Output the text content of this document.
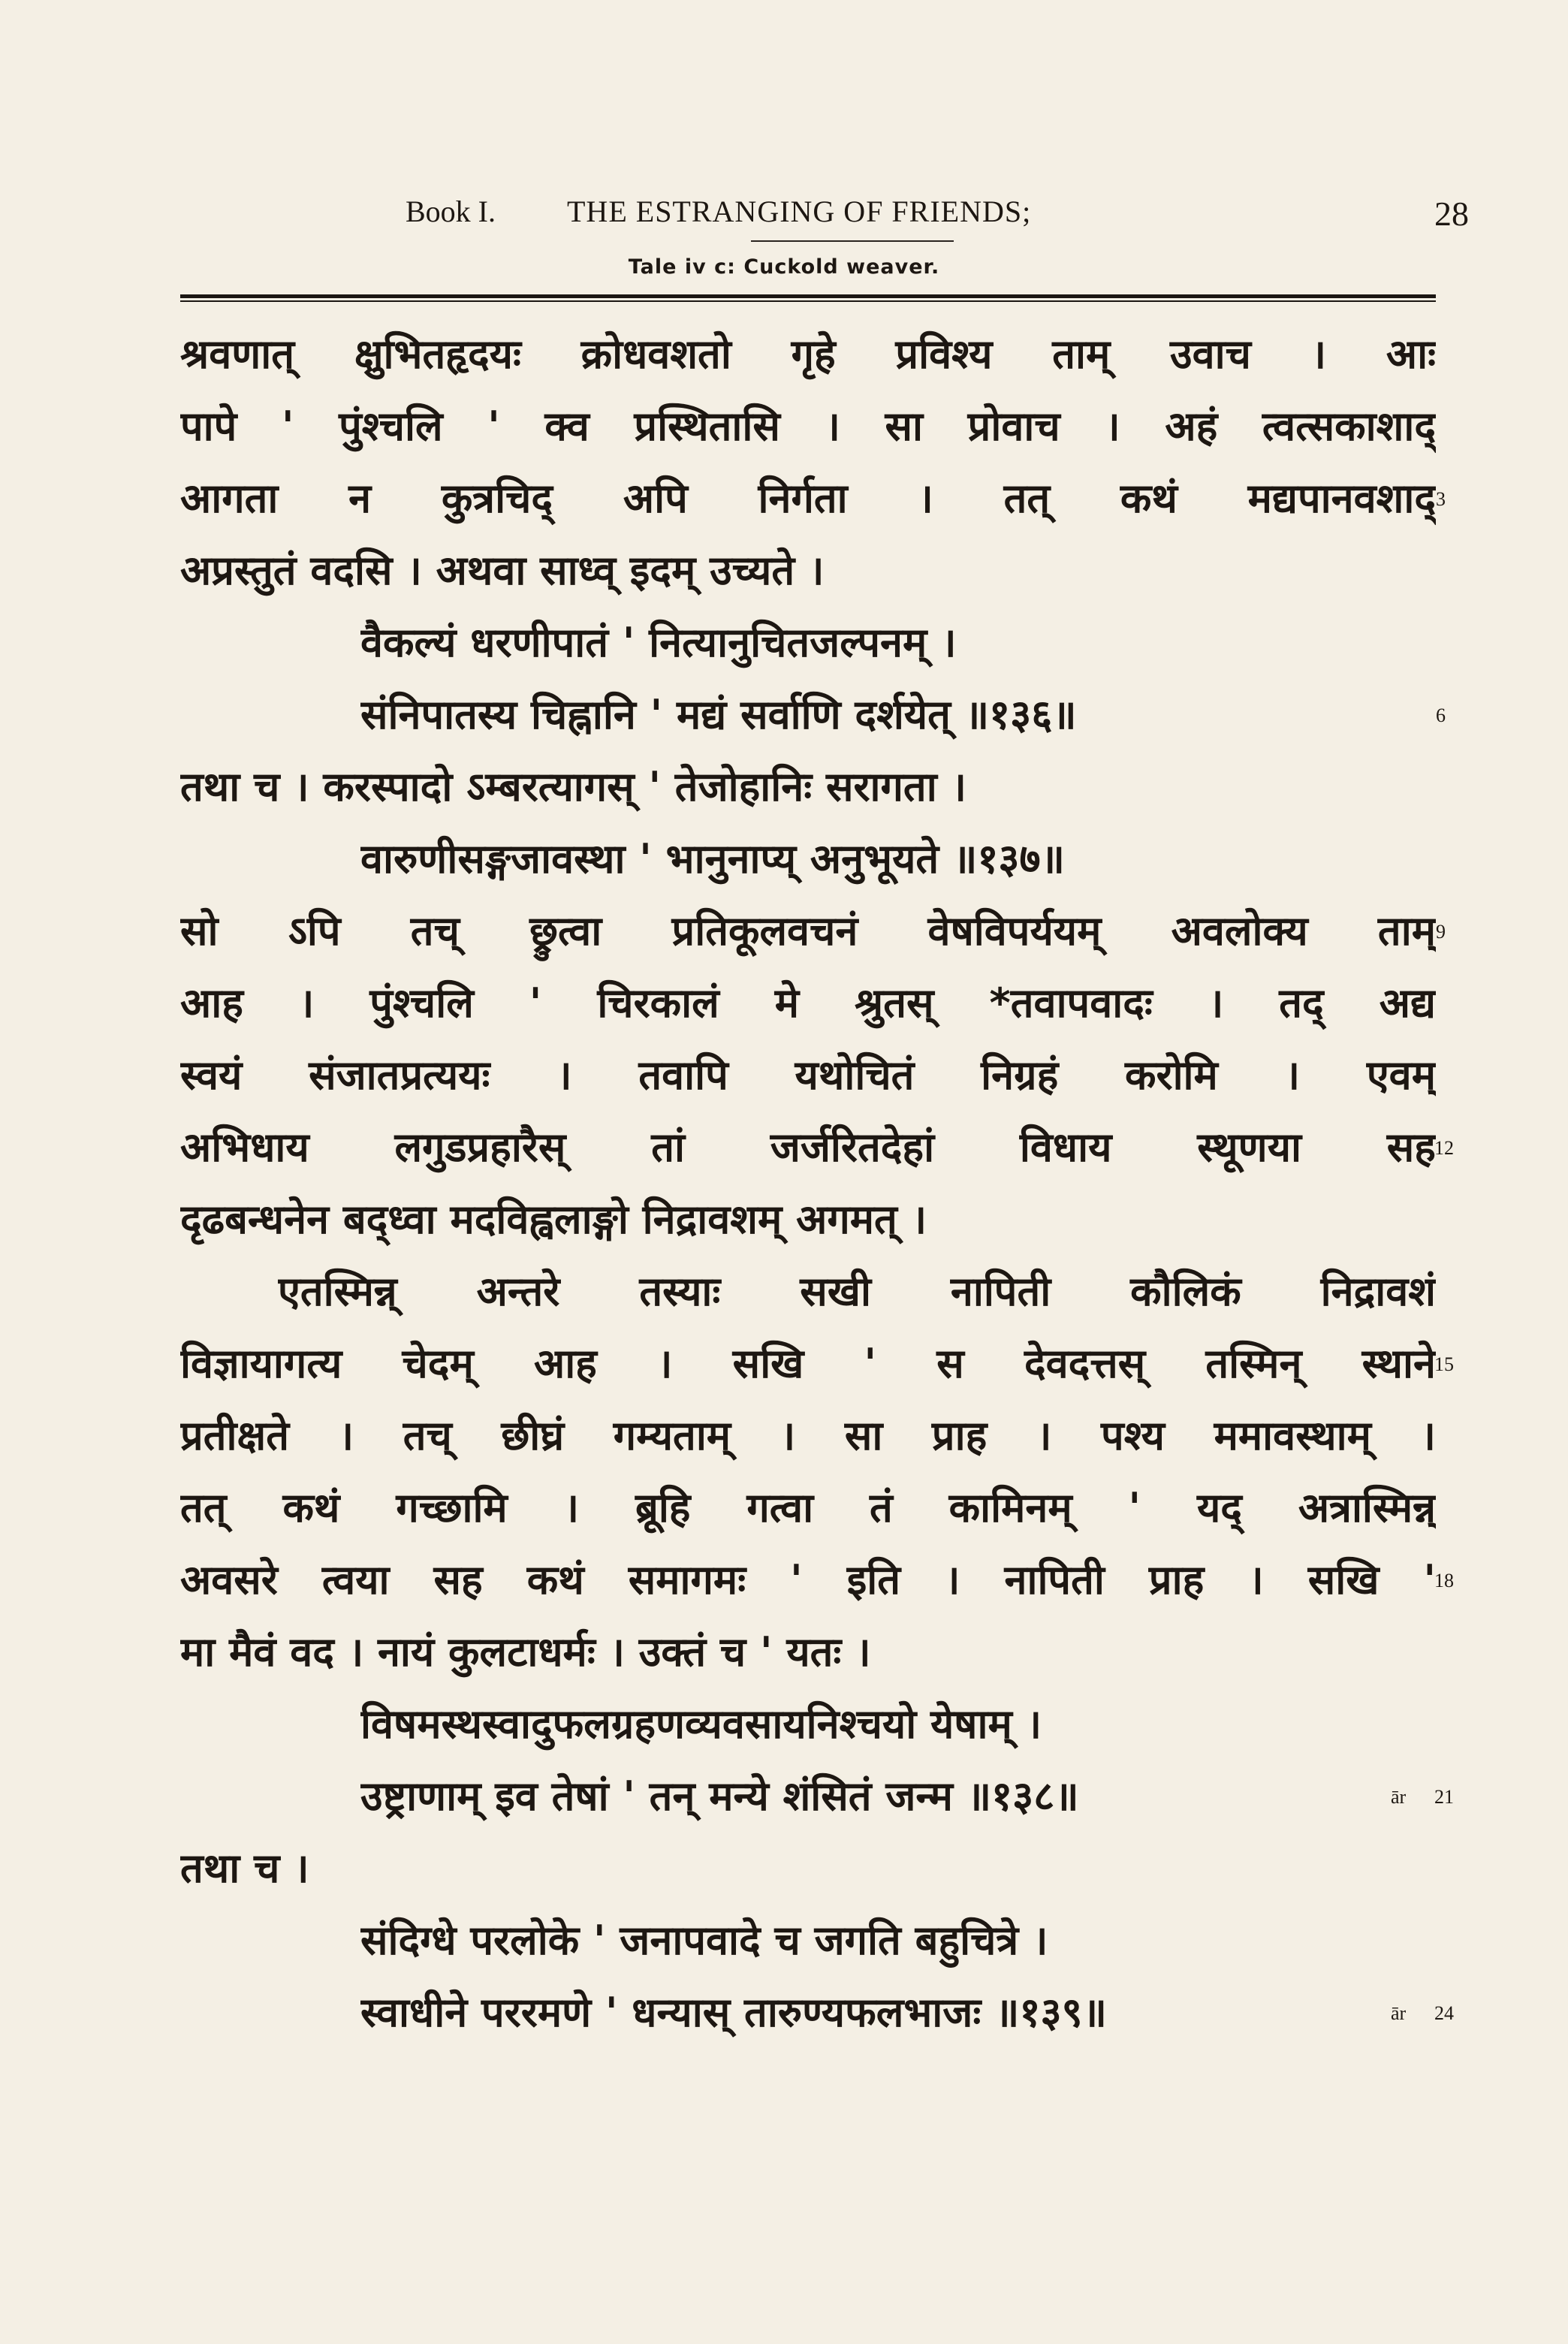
Book I. THE ESTRANGING OF FRIENDS;	28
Tale iv c: Cuckold weaver.
श्रवणात् क्षुभितहृदयः क्रोधवशतो गृहे प्रविश्य ताम् उवाच । आः
पापे ' पुंश्चलि ' क्व प्रस्थितासि । सा प्रोवाच । अहं त्वत्सकाशाद्
आगता न कुत्रचिद् अपि निर्गता । तत् कथं मद्यपानवशाद् 3
अप्रस्तुतं वदसि । अथवा साध्व् इदम् उच्यते ।
वैकल्यं धरणीपातं ' नित्यानुचितजल्पनम् ।
संनिपातस्य चिह्नानि ' मद्यं सर्वाणि दर्शयेत् ॥१३६॥	6
तथा च । करस्पादो ऽम्बरत्यागस् ' तेजोहानिः सरागता ।
वारुणीसङ्गजावस्था ' भानुनाप्य् अनुभूयते ॥१३७॥
सो ऽपि तच् छ्रुत्वा प्रतिकूलवचनं वेषविपर्ययम् अवलोक्य ताम् 9
आह । पुंश्चलि ' चिरकालं मे श्रुतस् *तवापवादः । तद् अद्य
स्वयं संजातप्रत्ययः । तवापि यथोचितं निग्रहं करोमि । एवम्
अभिधाय लगुडप्रहारैस् तां जर्जरितदेहां विधाय स्थूणया सह
12
दृढबन्धनेन बद्ध्वा मदविह्वलाङ्गो निद्रावशम् अगमत् ।
एतस्मिन्न् अन्तरे तस्याः सखी नापिती कौलिकं निद्रावशं
विज्ञायागत्य चेदम् आह । सखि ' स देवदत्तस् तस्मिन् स्थाने
15
प्रतीक्षते । तच् छीघ्रं गम्यताम् । सा प्राह । पश्य ममावस्थाम् ।
तत् कथं गच्छामि । ब्रूहि गत्वा तं कामिनम् ' यद् अत्रास्मिन्न्
अवसरे त्वया सह कथं समागमः ' इति । नापिती प्राह । सखि '
18
मा मैवं वद । नायं कुलटाधर्मः । उक्तं च ' यतः ।
विषमस्थस्वादुफलग्रहणव्यवसायनिश्चयो येषाम् ।
उष्ट्राणाम् इव तेषां ' तन् मन्ये शंसितं जन्म ॥१३८॥	21
ār
तथा च ।
संदिग्धे परलोके ' जनापवादे च जगति बहुचित्रे ।
स्वाधीने पररमणे ' धन्यास् तारुण्यफलभाजः ॥१३९॥	24
ār
